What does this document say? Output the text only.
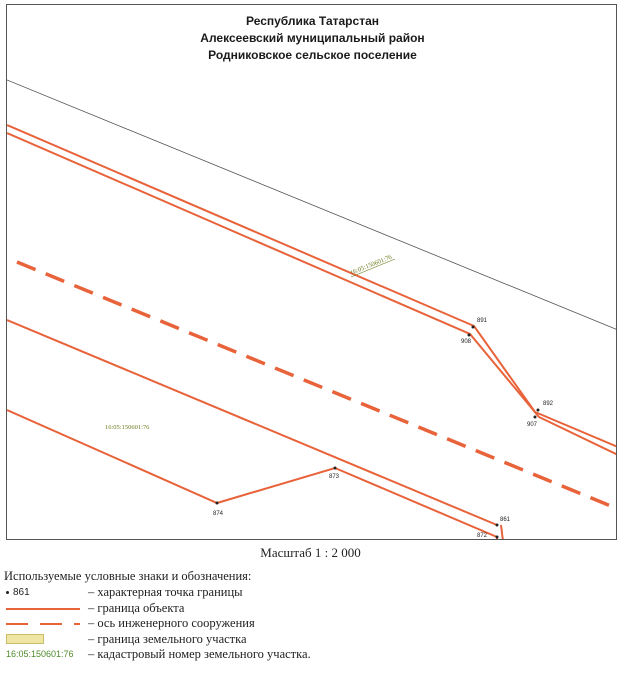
891
908
892
907
873
874
861
872
16:05:150601:76
16:05:150601:76
Республика Татарстан
Алексеевский муниципальный район
Родниковское сельское поселение
Масштаб 1 : 2 000
Используемые условные знаки и обозначения:
861	– характерная точка границы
– граница объекта
– ось инженерного сооружения
– граница земельного участка
16:05:150601:76	– кадастровый номер земельного участка.
